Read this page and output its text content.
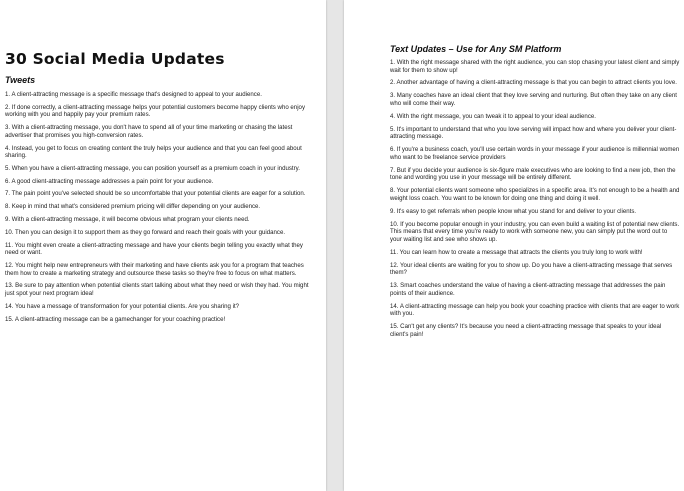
30 Social Media Updates
Tweets

1. A client-attracting message is a specific message that's designed to appeal to your audience.

2. If done correctly, a client-attracting message helps your potential customers become happy clients who enjoy working with you and happily pay your premium rates.

3. With a client-attracting message, you don't have to spend all of your time marketing or chasing the latest advertiser that promises you high-conversion rates.

4. Instead, you get to focus on creating content the truly helps your audience and that you can feel good about sharing.

5. When you have a client-attracting message, you can position yourself as a premium coach in your industry.

6. A good client-attracting message addresses a pain point for your audience.

7. The pain point you've selected should be so uncomfortable that your potential clients are eager for a solution.

8. Keep in mind that what's considered premium pricing will differ depending on your audience.

9. With a client-attracting message, it will become obvious what program your clients need.

10. Then you can design it to support them as they go forward and reach their goals with your guidance.

11. You might even create a client-attracting message and have your clients begin telling you exactly what they need or want.

12. You might help new entrepreneurs with their marketing and have clients ask you for a program that teaches them how to create a marketing strategy and outsource these tasks so they're free to focus on what matters.

13. Be sure to pay attention when potential clients start talking about what they need or wish they had. You might just spot your next program idea!

14. You have a message of transformation for your potential clients. Are you sharing it?

15. A client-attracting message can be a gamechanger for your coaching practice!

Text Updates – Use for Any SM Platform

1. With the right message shared with the right audience, you can stop chasing your latest client and simply wait for them to show up!

2. Another advantage of having a client-attracting message is that you can begin to attract clients you love.

3. Many coaches have an ideal client that they love serving and nurturing. But often they take on any client who will come their way.

4. With the right message, you can tweak it to appeal to your ideal audience.

5. It's important to understand that who you love serving will impact how and where you deliver your client-attracting message.

6. If you're a business coach, you'll use certain words in your message if your audience is millennial women who want to be freelance service providers

7. But if you decide your audience is six-figure male executives who are looking to find a new job, then the tone and wording you use in your message will be entirely different.

8. Your potential clients want someone who specializes in a specific area. It's not enough to be a health and weight loss coach. You want to be known for doing one thing and doing it well.

9. It's easy to get referrals when people know what you stand for and deliver to your clients.

10. If you become popular enough in your industry, you can even build a waiting list of potential new clients. This means that every time you're ready to work with someone new, you can simply put the word out to your waiting list and see who shows up.

11. You can learn how to create a message that attracts the clients you truly long to work with!

12. Your ideal clients are waiting for you to show up. Do you have a client-attracting message that serves them?

13. Smart coaches understand the value of having a client-attracting message that addresses the pain points of their audience.

14. A client-attracting message can help you book your coaching practice with clients that are eager to work with you.

15. Can't get any clients? It's because you need a client-attracting message that speaks to your ideal client's pain!
